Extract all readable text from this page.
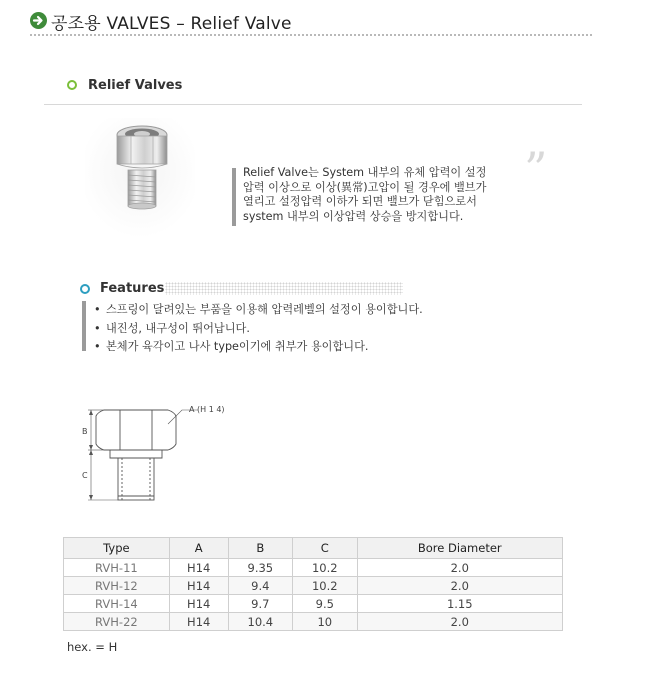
공조용 VALVES – Relief Valve
Relief Valves
Relief Valve는 System 내부의 유체 압력이 설정
압력 이상으로 이상(異常)고압이 될 경우에 밸브가
열리고 설정압력 이하가 되면 밸브가 닫힘으로서
system 내부의 이상압력 상승을 방지합니다.
”
Features
• 스프링이 달려있는 부품을 이용해 압력레벨의 설정이 용이합니다.
• 내진성, 내구성이 뛰어납니다.
• 본체가 육각이고 나사 type이기에 취부가 용이합니다.
B
C
A (H 1 4)
Type	A	B	C	Bore Diameter
RVH-11	H14	9.35	10.2	2.0
RVH-12	H14	9.4	10.2	2.0
RVH-14	H14	9.7	9.5	1.15
RVH-22	H14	10.4	10	2.0
hex. = H
